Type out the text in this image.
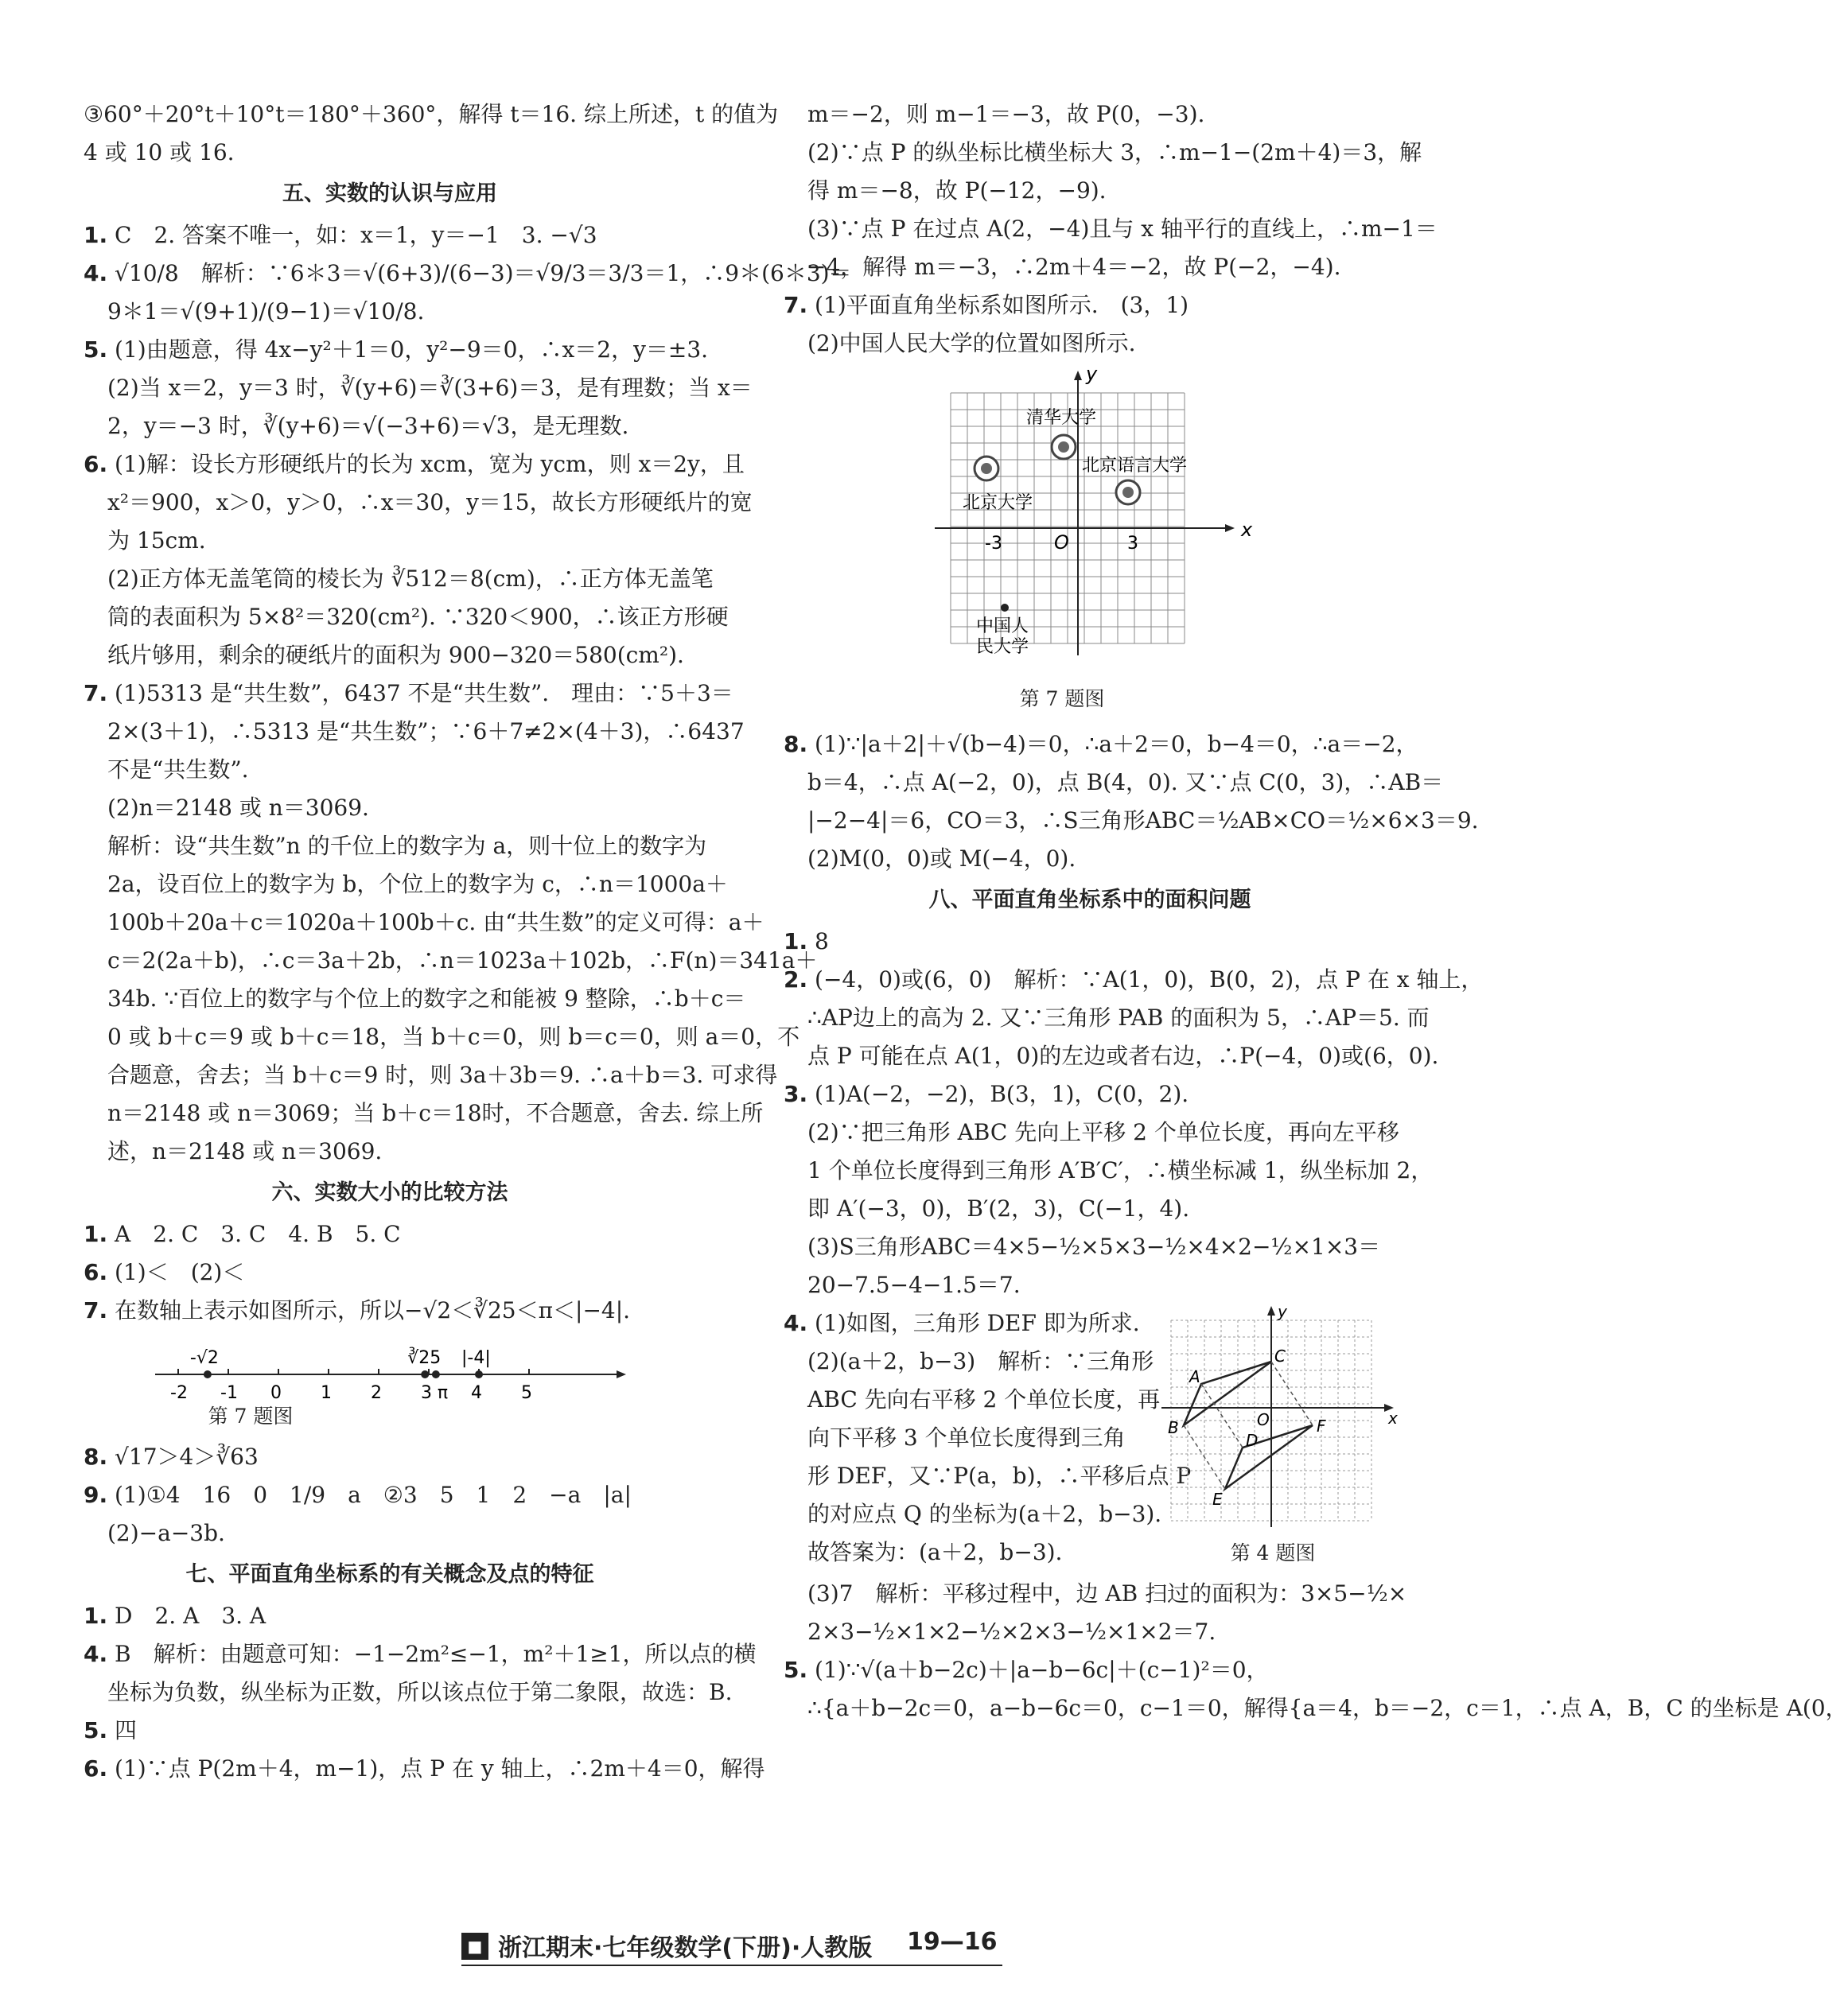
③60°＋20°t＋10°t＝180°＋360°，解得 t＝16. 综上所述，t 的值为
4 或 10 或 16.
五、实数的认识与应用
1. C　2. 答案不唯一，如：x＝1，y＝−1　3. −√3
4. √10/8　解析：∵6＊3＝√(6+3)/(6−3)＝√9/3＝3/3＝1，∴9＊(6＊3)＝
9＊1＝√(9+1)/(9−1)＝√10/8.
5. (1)由题意，得 4x−y²＋1＝0，y²−9＝0，∴x＝2，y＝±3.
(2)当 x＝2，y＝3 时，∛(y+6)＝∛(3+6)＝3，是有理数；当 x＝
2，y＝−3 时，∛(y+6)＝√(−3+6)＝√3，是无理数.
6. (1)解：设长方形硬纸片的长为 xcm，宽为 ycm，则 x＝2y，且
x²＝900，x＞0，y＞0，∴x＝30，y＝15，故长方形硬纸片的宽
为 15cm.
(2)正方体无盖笔筒的棱长为 ∛512＝8(cm)，∴正方体无盖笔
筒的表面积为 5×8²＝320(cm²). ∵320＜900，∴该正方形硬
纸片够用，剩余的硬纸片的面积为 900−320＝580(cm²).
7. (1)5313 是“共生数”，6437 不是“共生数”.　理由：∵5＋3＝
2×(3＋1)，∴5313 是“共生数”；∵6＋7≠2×(4＋3)，∴6437
不是“共生数”.
(2)n＝2148 或 n＝3069.
解析：设“共生数”n 的千位上的数字为 a，则十位上的数字为
2a，设百位上的数字为 b，个位上的数字为 c，∴n＝1000a＋
100b＋20a＋c＝1020a＋100b＋c. 由“共生数”的定义可得：a＋
c＝2(2a＋b)，∴c＝3a＋2b，∴n＝1023a＋102b，∴F(n)＝341a＋
34b. ∵百位上的数字与个位上的数字之和能被 9 整除，∴b＋c＝
0 或 b＋c＝9 或 b＋c＝18，当 b＋c＝0，则 b＝c＝0，则 a＝0，不
合题意，舍去；当 b＋c＝9 时，则 3a＋3b＝9. ∴a＋b＝3. 可求得
n＝2148 或 n＝3069；当 b＋c＝18时，不合题意，舍去. 综上所
述，n＝2148 或 n＝3069.
六、实数大小的比较方法
1. A　2. C　3. C　4. B　5. C
6. (1)＜　(2)＜
7. 在数轴上表示如图所示，所以−√2＜∛25＜π＜|−4|.
-2 -1 0 1 2 3 4 5
π
-√2	∛25 |-4|
第 7 题图
8. √17＞4＞∛63
9. (1)①4　16　0　1/9　a　②3　5　1　2　−a　|a|
(2)−a−3b.
七、平面直角坐标系的有关概念及点的特征
1. D　2. A　3. A
4. B　解析：由题意可知：−1−2m²≤−1，m²＋1≥1，所以点的横
坐标为负数，纵坐标为正数，所以该点位于第二象限，故选：B.
5. 四
6. (1)∵点 P(2m＋4，m−1)，点 P 在 y 轴上，∴2m＋4＝0，解得
m＝−2，则 m−1＝−3，故 P(0，−3).
(2)∵点 P 的纵坐标比横坐标大 3，∴m−1−(2m＋4)＝3，解
得 m＝−8，故 P(−12，−9).
(3)∵点 P 在过点 A(2，−4)且与 x 轴平行的直线上，∴m−1＝
−4，解得 m＝−3，∴2m＋4＝−2，故 P(−2，−4).
7. (1)平面直角坐标系如图所示.　(3，1)
(2)中国人民大学的位置如图所示.
x
y
O
-3	3
清华大学
北京语言大学
北京大学
中国人
民大学
第 7 题图
8. (1)∵|a＋2|＋√(b−4)＝0，∴a＋2＝0，b−4＝0，∴a＝−2，
b＝4，∴点 A(−2，0)，点 B(4，0). 又∵点 C(0，3)，∴AB＝
|−2−4|＝6，CO＝3，∴S三角形ABC＝½AB×CO＝½×6×3＝9.
(2)M(0，0)或 M(−4，0).
八、平面直角坐标系中的面积问题
1. 8
2. (−4，0)或(6，0)　解析：∵A(1，0)，B(0，2)，点 P 在 x 轴上，
∴AP边上的高为 2. 又∵三角形 PAB 的面积为 5，∴AP＝5. 而
点 P 可能在点 A(1，0)的左边或者右边，∴P(−4，0)或(6，0).
3. (1)A(−2，−2)，B(3，1)，C(0，2).
(2)∵把三角形 ABC 先向上平移 2 个单位长度，再向左平移
1 个单位长度得到三角形 A′B′C′，∴横坐标减 1，纵坐标加 2，
即 A′(−3，0)，B′(2，3)，C(−1，4).
(3)S三角形ABC＝4×5−½×5×3−½×4×2−½×1×3＝
20−7.5−4−1.5＝7.
4. (1)如图，三角形 DEF 即为所求.
(2)(a＋2，b−3)　解析：∵三角形
ABC 先向右平移 2 个单位长度，再
向下平移 3 个单位长度得到三角
形 DEF，又∵P(a，b)，∴平移后点 P
的对应点 Q 的坐标为(a＋2，b−3).
故答案为：(a＋2，b−3).
A
B
C
D
E
F
O	x
y
第 4 题图
(3)7　解析：平移过程中，边 AB 扫过的面积为：3×5−½×
2×3−½×1×2−½×2×3−½×1×2＝7.
5. (1)∵√(a＋b−2c)＋|a−b−6c|＋(c−1)²＝0，
∴{a＋b−2c＝0，a−b−6c＝0，c−1＝0，解得{a＝4，b＝−2，c＝1，∴点 A，B，C 的坐标是 A(0，
■ 浙江期末·七年级数学(下册)·人教版 19—16
